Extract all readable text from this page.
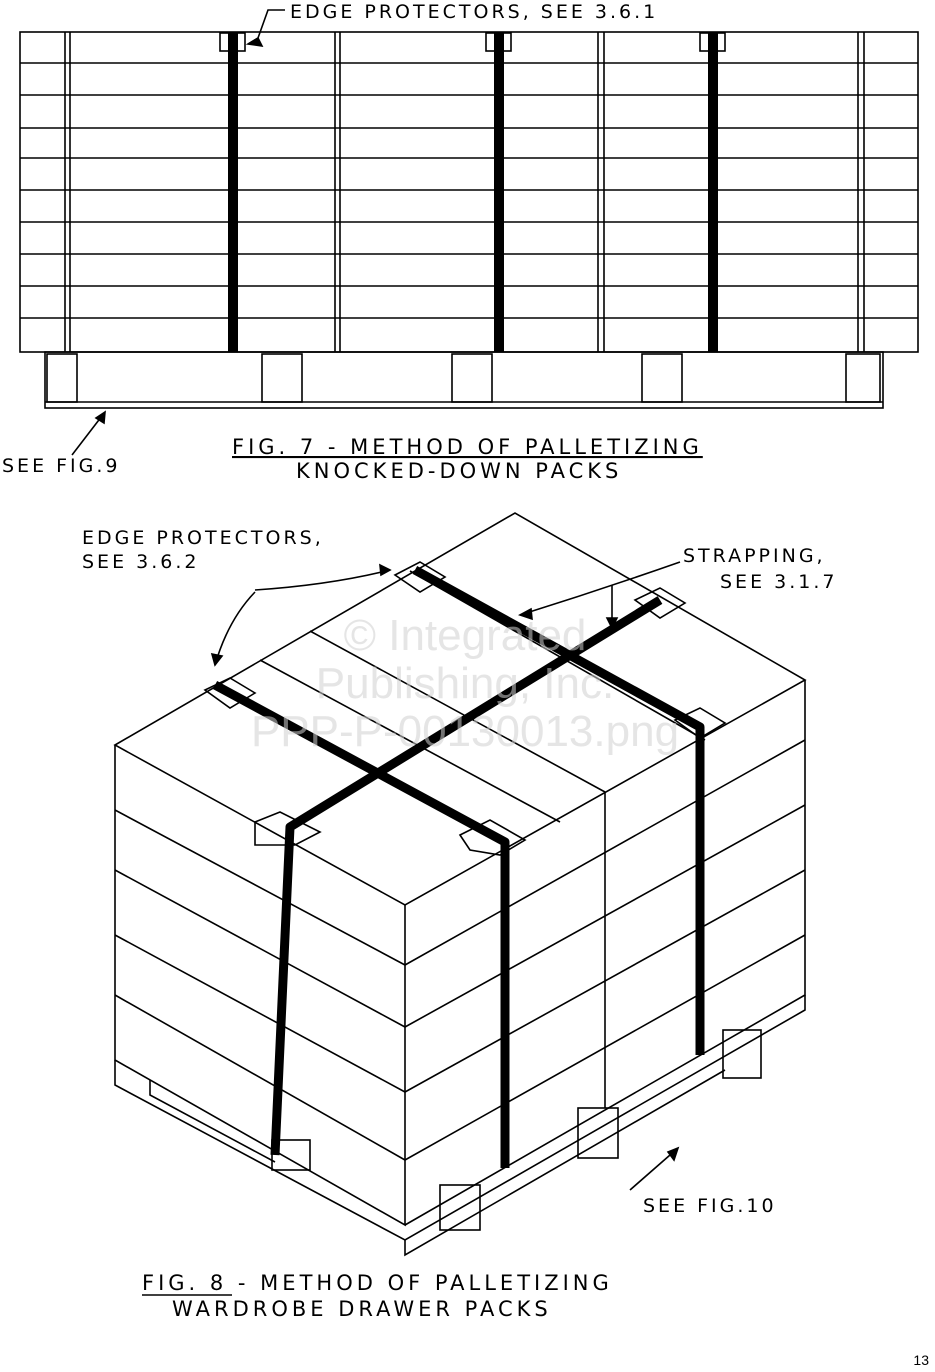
EDGE PROTECTORS, SEE 3.6.1
SEE FIG.9
FIG. 7 - METHOD OF PALLETIZING
KNOCKED-DOWN PACKS
EDGE PROTECTORS,
SEE 3.6.2	STRAPPING,
SEE 3.1.7
SEE FIG.10
FIG. 8 - METHOD OF PALLETIZING
WARDROBE DRAWER PACKS
© Integrated
Publishing, Inc.
PPP-P-00130013.png
13
